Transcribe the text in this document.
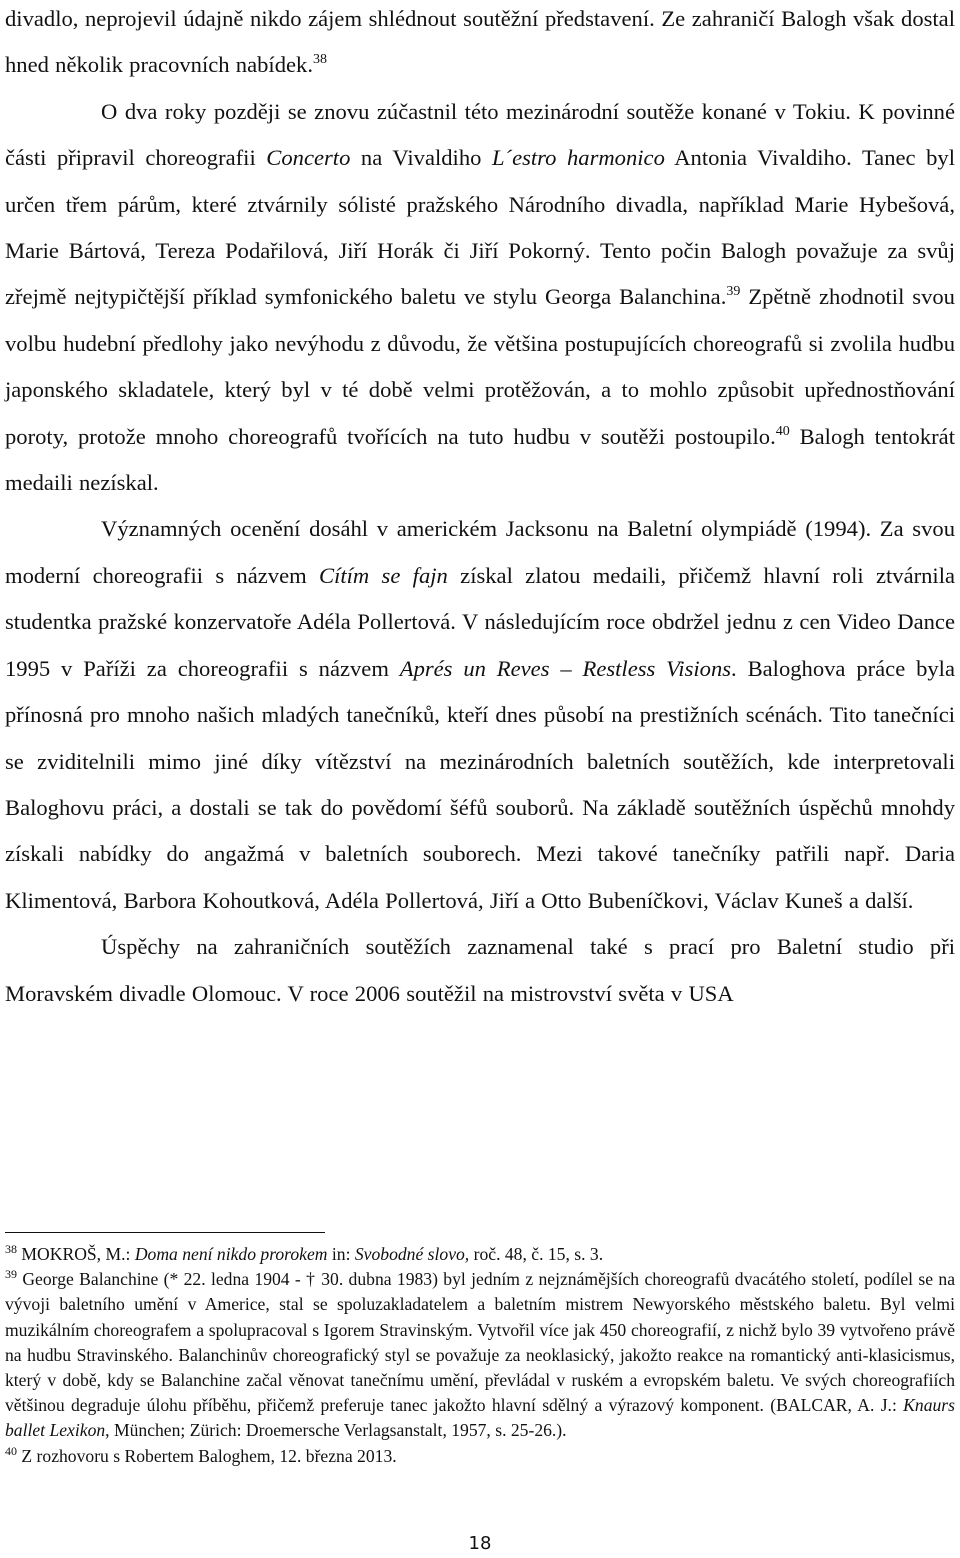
divadlo, neprojevil údajně nikdo zájem shlédnout soutěžní představení. Ze zahraničí Balogh však dostal hned několik pracovních nabídek.$^{38}$

O dva roky později se znovu zúčastnil této mezinárodní soutěže konané v Tokiu. K povinné části připravil choreografii Concerto na Vivaldiho L´estro harmonico Antonia Vivaldiho. Tanec byl určen třem párům, které ztvárnily sólisté pražského Národního divadla, například Marie Hybešová, Marie Bártová, Tereza Podařilová, Jiří Horák či Jiří Pokorný. Tento počin Balogh považuje za svůj zřejmě nejtypičtější příklad symfonického baletu ve stylu Georga Balanchina.$^{39}$ Zpětně zhodnotil svou volbu hudební předlohy jako nevýhodu z důvodu, že většina postupujících choreografů si zvolila hudbu japonského skladatele, který byl v té době velmi protěžován, a to mohlo způsobit upřednostňování poroty, protože mnoho choreografů tvořících na tuto hudbu v soutěži postoupilo.$^{40}$ Balogh tentokrát medaili nezískal.

Významných ocenění dosáhl v americkém Jacksonu na Baletní olympiádě (1994). Za svou moderní choreografii s názvem Cítím se fajn získal zlatou medaili, přičemž hlavní roli ztvárnila studentka pražské konzervatoře Adéla Pollertová. V následujícím roce obdržel jednu z cen Video Dance 1995 v Paříži za choreografii s názvem Aprés un Reves – Restless Visions. Baloghova práce byla přínosná pro mnoho našich mladých tanečníků, kteří dnes působí na prestižních scénách. Tito tanečníci se zviditelnili mimo jiné díky vítězství na mezinárodních baletních soutěžích, kde interpretovali Baloghovu práci, a dostali se tak do povědomí šéfů souborů. Na základě soutěžních úspěchů mnohdy získali nabídky do angažmá v baletních souborech. Mezi takové tanečníky patřili např. Daria Klimentová, Barbora Kohoutková, Adéla Pollertová, Jiří a Otto Bubeníčkovi, Václav Kuneš a další.

Úspěchy na zahraničních soutěžích zaznamenal také s prací pro Baletní studio při Moravském divadle Olomouc. V roce 2006 soutěžil na mistrovství světa v USA

$^{38}$ MOKROŠ, M.: Doma není nikdo prorokem in: Svobodné slovo, roč. 48, č. 15, s. 3.

$^{39}$ George Balanchine (* 22. ledna 1904 - † 30. dubna 1983) byl jedním z nejznámějších choreografů dvacátého století, podílel se na vývoji baletního umění v Americe, stal se spoluzakladatelem a baletním mistrem Newyorského městského baletu. Byl velmi muzikálním choreografem a spolupracoval s Igorem Stravinským. Vytvořil více jak 450 choreografií, z nichž bylo 39 vytvořeno právě na hudbu Stravinského. Balanchinův choreografický styl se považuje za neoklasický, jakožto reakce na romantický anti-klasicismus, který v době, kdy se Balanchine začal věnovat tanečnímu umění, převládal v ruském a evropském baletu. Ve svých choreografiích většinou degraduje úlohu příběhu, přičemž preferuje tanec jakožto hlavní sdělný a výrazový komponent. (BALCAR, A. J.: Knaurs ballet Lexikon, München; Zürich: Droemersche Verlagsanstalt, 1957, s. 25-26.).

$^{40}$ Z rozhovoru s Robertem Baloghem, 12. března 2013.

18
